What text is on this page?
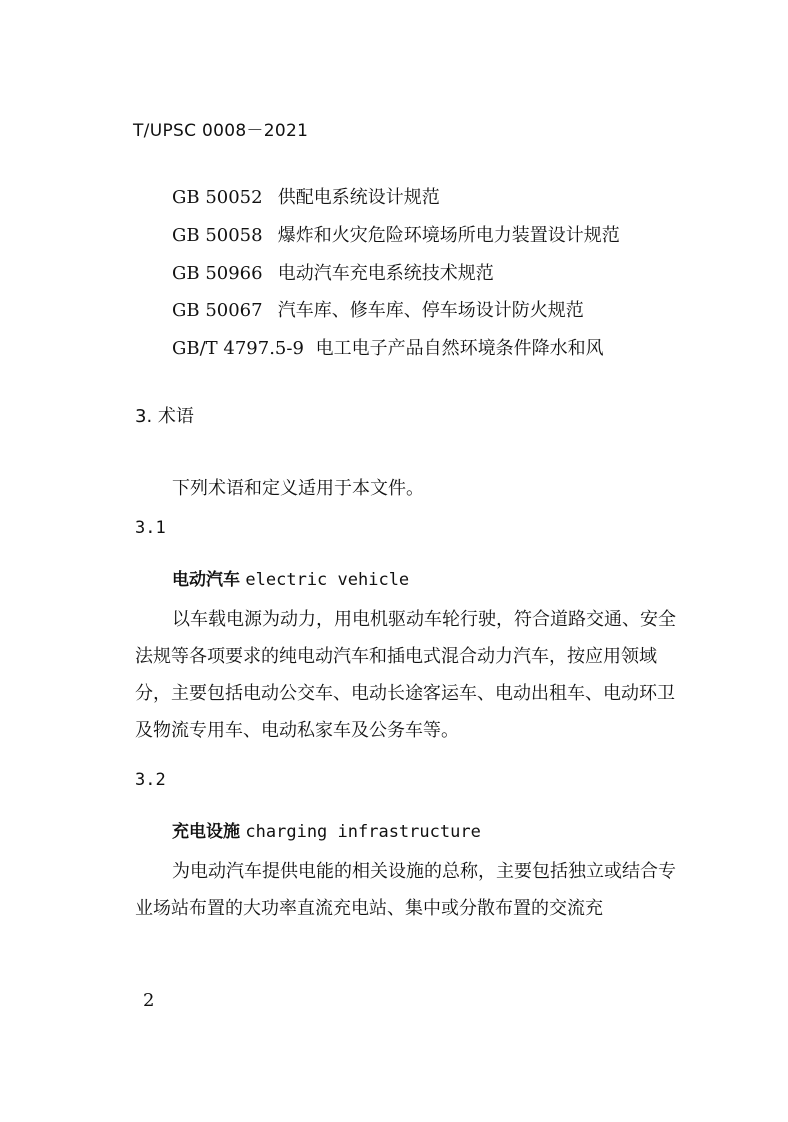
T/UPSC 0008－2021
GB 50052 供配电系统设计规范
GB 50058 爆炸和火灾危险环境场所电力装置设计规范
GB 50966 电动汽车充电系统技术规范
GB 50067 汽车库、修车库、停车场设计防火规范
GB/T 4797.5-9 电工电子产品自然环境条件降水和风
3. 术语
下列术语和定义适用于本文件。
3.1
电动汽车 electric vehicle
以车载电源为动力，用电机驱动车轮行驶，符合道路交通、安全法规等各项要求的纯电动汽车和插电式混合动力汽车，按应用领域分，主要包括电动公交车、电动长途客运车、电动出租车、电动环卫及物流专用车、电动私家车及公务车等。
3.2
充电设施 charging infrastructure
为电动汽车提供电能的相关设施的总称，主要包括独立或结合专业场站布置的大功率直流充电站、集中或分散布置的交流充
2
